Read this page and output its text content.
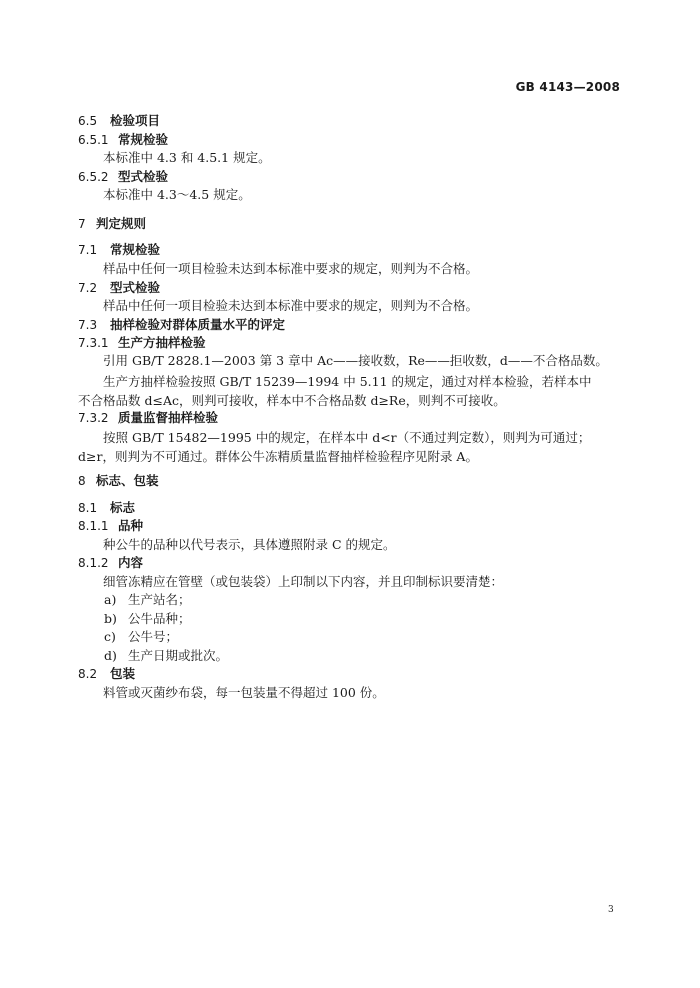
GB 4143—2008
6.5 检验项目
6.5.1 常规检验
本标准中 4.3 和 4.5.1 规定。
6.5.2 型式检验
本标准中 4.3～4.5 规定。
7 判定规则
7.1 常规检验
样品中任何一项目检验未达到本标准中要求的规定，则判为不合格。
7.2 型式检验
样品中任何一项目检验未达到本标准中要求的规定，则判为不合格。
7.3 抽样检验对群体质量水平的评定
7.3.1 生产方抽样检验
引用 GB/T 2828.1—2003 第 3 章中 Ac——接收数，Re——拒收数，d——不合格品数。
生产方抽样检验按照 GB/T 15239—1994 中 5.11 的规定，通过对样本检验，若样本中不合格品数 d≤Ac，则判可接收，样本中不合格品数 d≥Re，则判不可接收。
7.3.2 质量监督抽样检验
按照 GB/T 15482—1995 中的规定，在样本中 d<r（不通过判定数），则判为可通过；d≥r，则判为不可通过。群体公牛冻精质量监督抽样检验程序见附录 A。
8 标志、包装
8.1 标志
8.1.1 品种
种公牛的品种以代号表示，具体遵照附录 C 的规定。
8.1.2 内容
细管冻精应在管壁（或包装袋）上印制以下内容，并且印制标识要清楚：
a) 生产站名；
b) 公牛品种；
c) 公牛号；
d) 生产日期或批次。
8.2 包装
料管或灭菌纱布袋，每一包装量不得超过 100 份。
3
